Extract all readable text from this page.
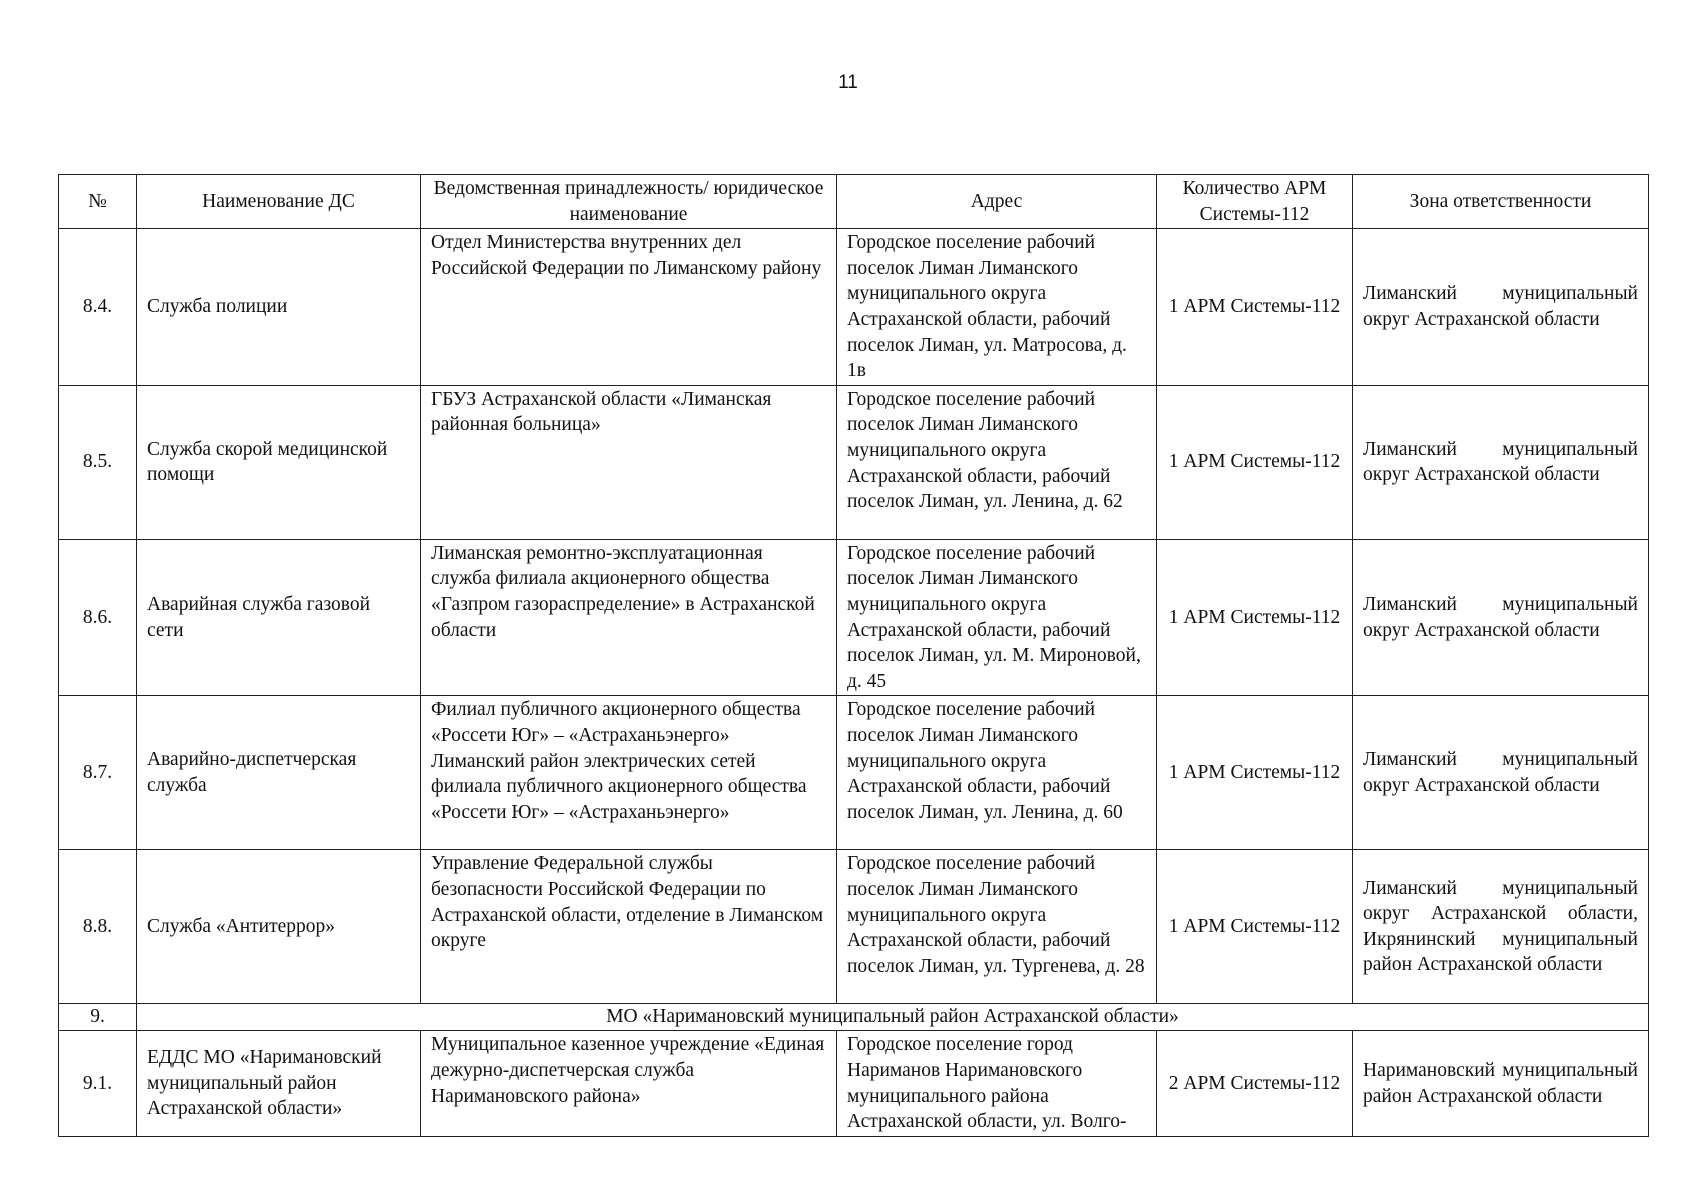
11
№	Наименование ДС	Ведомственная принадлежность/ юридическое наименование	Адрес	Количество АРМ Системы-112	Зона ответственности
8.4.	Служба полиции	Отдел Министерства внутренних дел Российской Федерации по Лиманскому району	Городское поселение рабочий поселок Лиман Лиманского муниципального округа Астраханской области, рабочий поселок Лиман, ул. Матросова, д. 1в	1 АРМ Системы-112	Лиманский муниципальный округ Астраханской области
8.5.	Служба скорой медицинской помощи	ГБУЗ Астраханской области «Лиманская районная больница»	Городское поселение рабочий поселок Лиман Лиманского муниципального округа Астраханской области, рабочий поселок Лиман, ул. Ленина, д. 62	1 АРМ Системы-112	Лиманский муниципальный округ Астраханской области
8.6.	Аварийная служба газовой сети	Лиманская ремонтно-эксплуатационная служба филиала акционерного общества «Газпром газораспределение» в Астраханской области	Городское поселение рабочий поселок Лиман Лиманского муниципального округа Астраханской области, рабочий поселок Лиман, ул. М. Мироновой, д. 45	1 АРМ Системы-112	Лиманский муниципальный округ Астраханской области
8.7.	Аварийно-диспетчерская служба	Филиал публичного акционерного общества «Россети Юг» – «Астраханьэнерго» Лиманский район электрических сетей филиала публичного акционерного общества «Россети Юг» – «Астраханьэнерго»	Городское поселение рабочий поселок Лиман Лиманского муниципального округа Астраханской области, рабочий поселок Лиман, ул. Ленина, д. 60	1 АРМ Системы-112	Лиманский муниципальный округ Астраханской области
8.8.	Служба «Антитеррор»	Управление Федеральной службы безопасности Российской Федерации по Астраханской области, отделение в Лиманском округе	Городское поселение рабочий поселок Лиман Лиманского муниципального округа Астраханской области, рабочий поселок Лиман, ул. Тургенева, д. 28	1 АРМ Системы-112	Лиманский муниципальный округ Астраханской области, Икрянинский муниципальный район Астраханской области
9.	МО «Наримановский муниципальный район Астраханской области»				
9.1.	ЕДДС МО «Наримановский муниципальный район Астраханской области»	Муниципальное казенное учреждение «Единая дежурно-диспетчерская служба Наримановского района»	Городское поселение город Нариманов Наримановского муниципального района Астраханской области, ул. Волго-	2 АРМ Системы-112	Наримановский муниципальный район Астраханской области
